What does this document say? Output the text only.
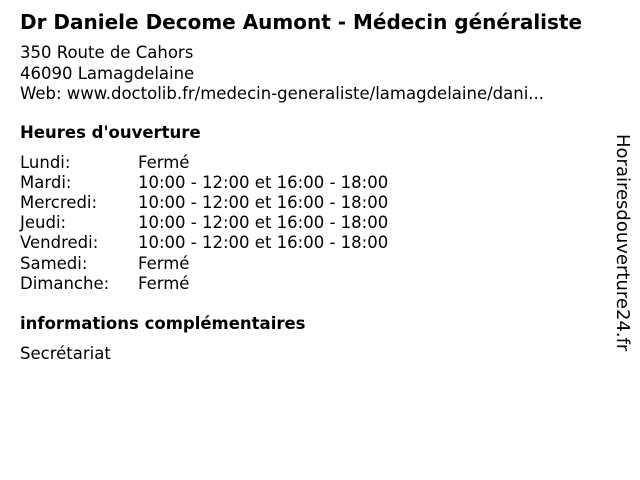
Dr Daniele Decome Aumont - Médecin généraliste
350 Route de Cahors
46090 Lamagdelaine
Web: www.doctolib.fr/medecin-generaliste/lamagdelaine/dani...
Heures d'ouverture
Lundi:	Fermé
Mardi:	10:00 - 12:00 et 16:00 - 18:00
Mercredi: 10:00 - 12:00 et 16:00 - 18:00
Jeudi:	10:00 - 12:00 et 16:00 - 18:00
Vendredi: 10:00 - 12:00 et 16:00 - 18:00
Samedi:	Fermé
Dimanche: Fermé
informations complémentaires
Secrétariat
Horairesdouverture24.fr
